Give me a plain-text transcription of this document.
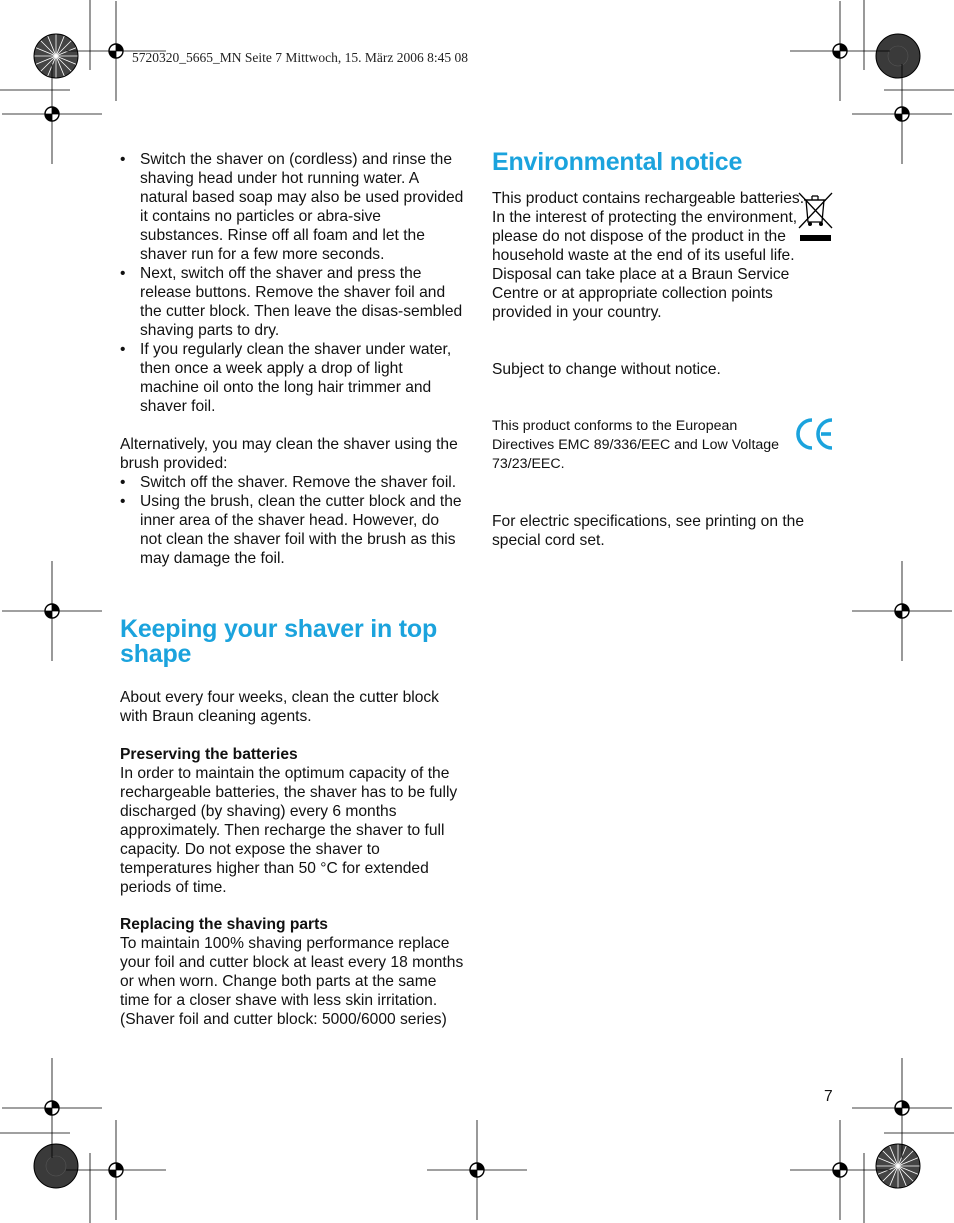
5720320_5665_MN Seite 7 Mittwoch, 15. März 2006 8:45 08
• Switch the shaver on (cordless) and rinse the shaving head under hot running water. A natural based soap may also be used provided it contains no particles or abra-sive substances. Rinse off all foam and let the shaver run for a few more seconds.
• Next, switch off the shaver and press the release buttons. Remove the shaver foil and the cutter block. Then leave the disas-sembled shaving parts to dry.
• If you regularly clean the shaver under water, then once a week apply a drop of light machine oil onto the long hair trimmer and shaver foil.

Alternatively, you may clean the shaver using the brush provided:

• Switch off the shaver. Remove the shaver foil.
• Using the brush, clean the cutter block and the inner area of the shaver head. However, do not clean the shaver foil with the brush as this may damage the foil.
Keeping your shaver in top shape

About every four weeks, clean the cutter block with Braun cleaning agents.

Preserving the batteries

In order to maintain the optimum capacity of the rechargeable batteries, the shaver has to be fully discharged (by shaving) every 6 months approximately. Then recharge the shaver to full capacity. Do not expose the shaver to temperatures higher than 50 °C for extended periods of time.

Replacing the shaving parts

To maintain 100% shaving performance replace your foil and cutter block at least every 18 months or when worn. Change both parts at the same time for a closer shave with less skin irritation.

(Shaver foil and cutter block: 5000/6000 series)

Environmental notice

This product contains rechargeable batteries. In the interest of protecting the environment, please do not dispose of the product in the household waste at the end of its useful life. Disposal can take place at a Braun Service Centre or at appropriate collection points provided in your country.

Subject to change without notice.

This product conforms to the European Directives EMC 89/336/EEC and Low Voltage 73/23/EEC.

For electric specifications, see printing on the special cord set.

7
